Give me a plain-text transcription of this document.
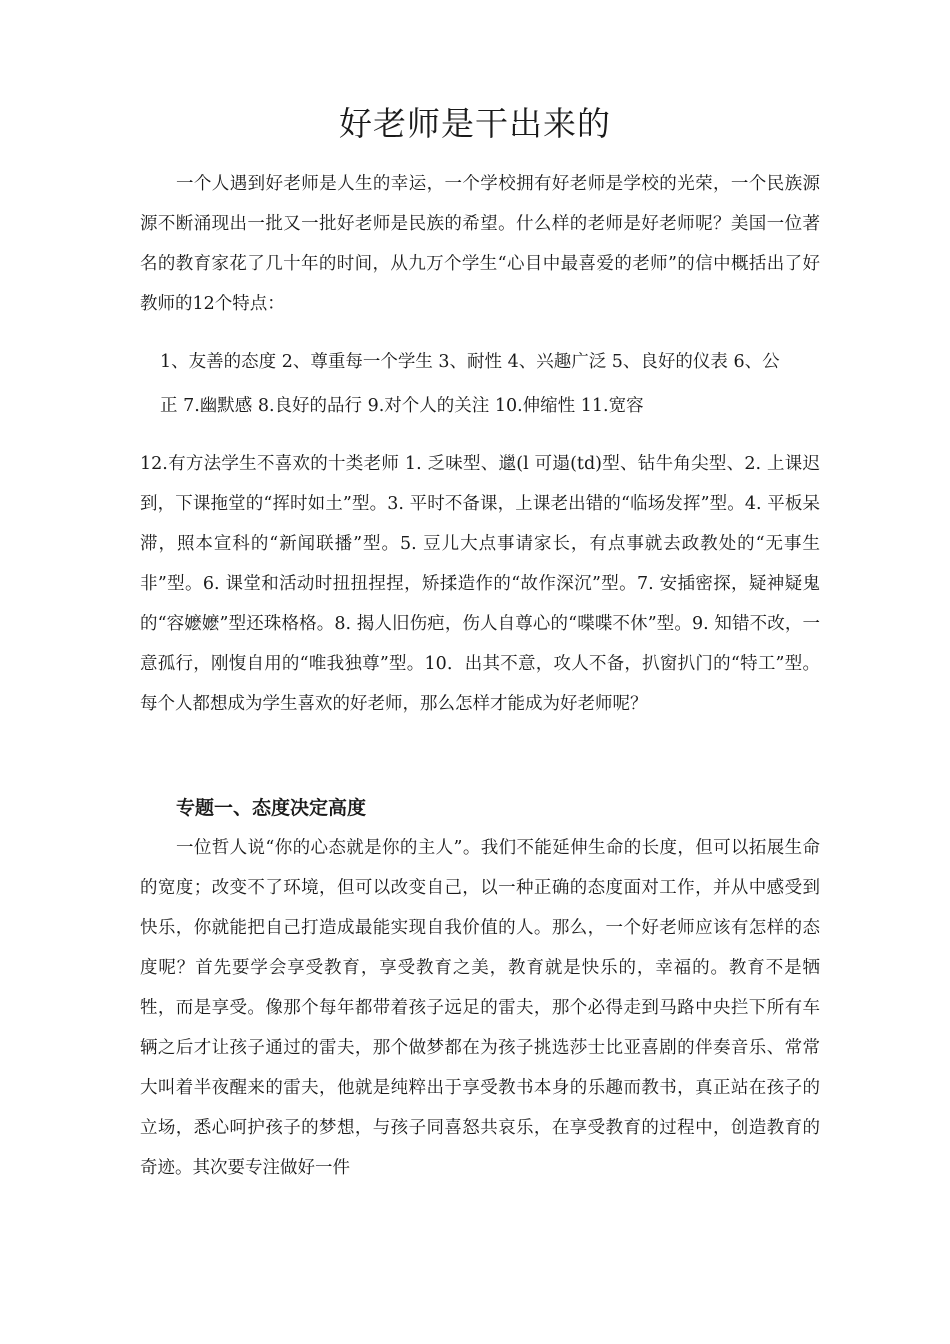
好老师是干出来的

一个人遇到好老师是人生的幸运，一个学校拥有好老师是学校的光荣，一个民族源源不断涌现出一批又一批好老师是民族的希望。什么样的老师是好老师呢？美国一位著名的教育家花了几十年的时间，从九万个学生“心目中最喜爱的老师”的信中概括出了好教师的12个特点：

1、友善的态度 2、尊重每一个学生 3、耐性 4、兴趣广泛 5、良好的仪表 6、公
正 7.幽默感 8.良好的品行 9.对个人的关注 10.伸缩性 11.宽容

12.有方法学生不喜欢的十类老师 1. 乏味型、邋(l 可遢(td)型、钻牛角尖型、2. 上课迟到，下课拖堂的“挥时如土”型。3. 平时不备课，上课老出错的“临场发挥”型。4. 平板呆滞，照本宣科的“新闻联播”型。5. 豆儿大点事请家长，有点事就去政教处的“无事生非”型。6. 课堂和活动时扭扭捏捏，矫揉造作的“故作深沉”型。7. 安插密探，疑神疑鬼的“容嬷嬷”型还珠格格。8. 揭人旧伤疤，伤人自尊心的“喋喋不休”型。9. 知错不改，一意孤行，刚愎自用的“唯我独尊”型。10．出其不意，攻人不备，扒窗扒门的“特工”型。每个人都想成为学生喜欢的好老师，那么怎样才能成为好老师呢？

专题一、态度决定高度

一位哲人说“你的心态就是你的主人”。我们不能延伸生命的长度，但可以拓展生命的宽度；改变不了环境，但可以改变自己，以一种正确的态度面对工作，并从中感受到快乐，你就能把自己打造成最能实现自我价值的人。那么，一个好老师应该有怎样的态度呢？首先要学会享受教育，享受教育之美，教育就是快乐的，幸福的。教育不是牺牲，而是享受。像那个每年都带着孩子远足的雷夫，那个必得走到马路中央拦下所有车辆之后才让孩子通过的雷夫，那个做梦都在为孩子挑选莎士比亚喜剧的伴奏音乐、常常大叫着半夜醒来的雷夫，他就是纯粹出于享受教书本身的乐趣而教书，真正站在孩子的立场，悉心呵护孩子的梦想，与孩子同喜怒共哀乐，在享受教育的过程中，创造教育的奇迹。其次要专注做好一件
